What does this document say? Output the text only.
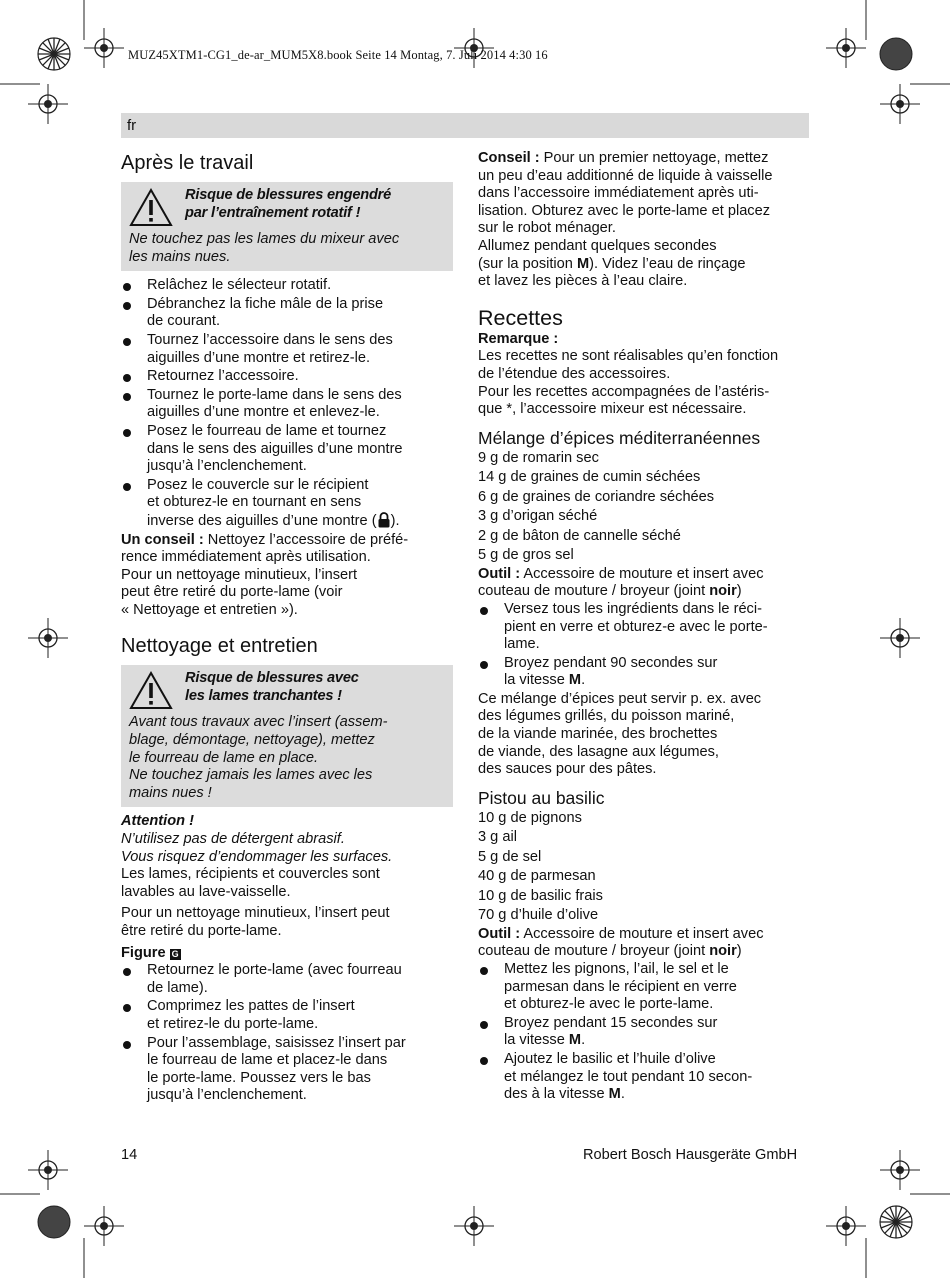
MUZ45XTM1-CG1_de-ar_MUM5X8.book Seite 14 Montag, 7. Juli 2014 4:30 16
fr
Après le travail
Risque de blessures engendré
par l’entraînement rotatif !
Ne touchez pas les lames du mixeur avec
les mains nues.
Relâchez le sélecteur rotatif.
Débranchez la fiche mâle de la prise
de courant.
Tournez l’accessoire dans le sens des
aiguilles d’une montre et retirez-le.
Retournez l’accessoire.
Tournez le porte-lame dans le sens des
aiguilles d’une montre et enlevez-le.
Posez le fourreau de lame et tournez
dans le sens des aiguilles d’une montre
jusqu’à l’enclenchement.
Posez le couvercle sur le récipient
et obturez-le en tournant en sens
inverse des aiguilles d’une montre ( ).
Un conseil : Nettoyez l’accessoire de préfé-
rence immédiatement après utilisation.
Pour un nettoyage minutieux, l’insert
peut être retiré du porte-lame (voir
« Nettoyage et entretien »).
Nettoyage et entretien
Risque de blessures avec
les lames tranchantes !
Avant tous travaux avec l’insert (assem-
blage, démontage, nettoyage), mettez
le fourreau de lame en place.
Ne touchez jamais les lames avec les
mains nues !
Attention !
N’utilisez pas de détergent abrasif.
Vous risquez d’endommager les surfaces.
Les lames, récipients et couvercles sont
lavables au lave-vaisselle.
Pour un nettoyage minutieux, l’insert peut
être retiré du porte-lame.
Figure G
Retournez le porte-lame (avec fourreau
de lame).
Comprimez les pattes de l’insert
et retirez-le du porte-lame.
Pour l’assemblage, saisissez l’insert par
le fourreau de lame et placez-le dans
le porte-lame. Poussez vers le bas
jusqu’à l’enclenchement.
Conseil : Pour un premier nettoyage, mettez
un peu d’eau additionné de liquide à vaisselle
dans l’accessoire immédiatement après uti-
lisation. Obturez avec le porte-lame et placez
sur le robot ménager.
Allumez pendant quelques secondes
(sur la position M). Videz l’eau de rinçage
et lavez les pièces à l’eau claire.
Recettes
Remarque :
Les recettes ne sont réalisables qu’en fonction
de l’étendue des accessoires.
Pour les recettes accompagnées de l’astéris-
que *, l’accessoire mixeur est nécessaire.
Mélange d’épices méditerranéennes
9 g de romarin sec
14 g de graines de cumin séchées
6 g de graines de coriandre séchées
3 g d’origan séché
2 g de bâton de cannelle séché
5 g de gros sel
Outil : Accessoire de mouture et insert avec
couteau de mouture / broyeur (joint noir)
Versez tous les ingrédients dans le réci-
pient en verre et obturez-e avec le porte-
lame.
Broyez pendant 90 secondes sur
la vitesse M.
Ce mélange d’épices peut servir p. ex. avec
des légumes grillés, du poisson mariné,
de la viande marinée, des brochettes
de viande, des lasagne aux légumes,
des sauces pour des pâtes.
Pistou au basilic
10 g de pignons
3 g ail
5 g de sel
40 g de parmesan
10 g de basilic frais
70 g d’huile d’olive
Outil : Accessoire de mouture et insert avec
couteau de mouture / broyeur (joint noir)
Mettez les pignons, l’ail, le sel et le
parmesan dans le récipient en verre
et obturez-le avec le porte-lame.
Broyez pendant 15 secondes sur
la vitesse M.
Ajoutez le basilic et l’huile d’olive
et mélangez le tout pendant 10 secon-
des à la vitesse M.
14	Robert Bosch Hausgeräte GmbH
